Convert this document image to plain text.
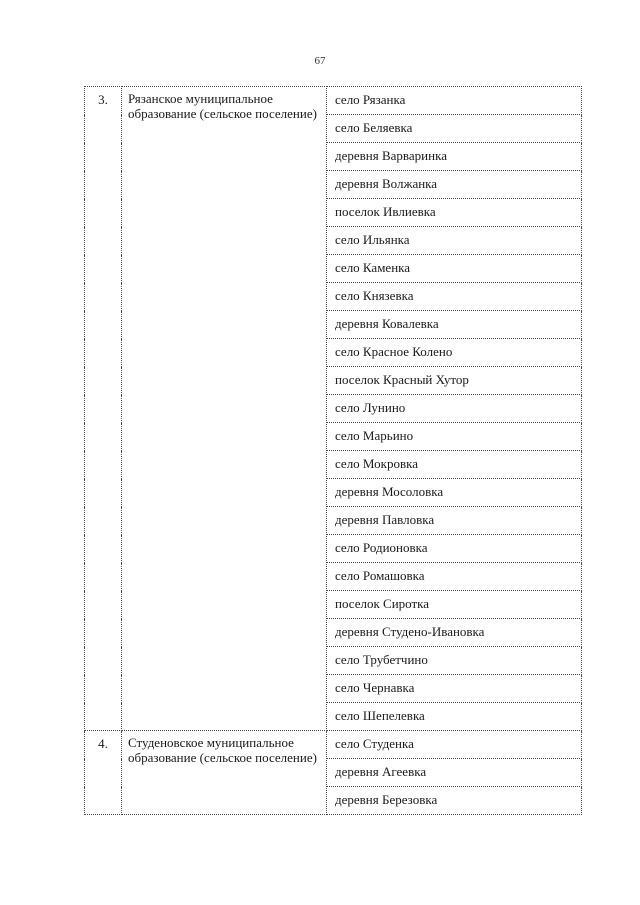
67
3.	Рязанское муниципальное образование (сельское поселение)	село Рязанка

		село Беляевка

		деревня Варваринка

		деревня Волжанка

		поселок Ивлиевка

		село Ильянка

		село Каменка

		село Князевка

		деревня Ковалевка

		село Красное Колено

		поселок Красный Хутор

		село Лунино

		село Марьино

		село Мокровка

		деревня Мосоловка

		деревня Павловка

		село Родионовка

		село Ромашовка

		поселок Сиротка

		деревня Студено-Ивановка

		село Трубетчино

		село Чернавка

		село Шепелевка

4.	Студеновское муниципальное образование (сельское поселение)	село Студенка

		деревня Агеевка

		деревня Березовка
